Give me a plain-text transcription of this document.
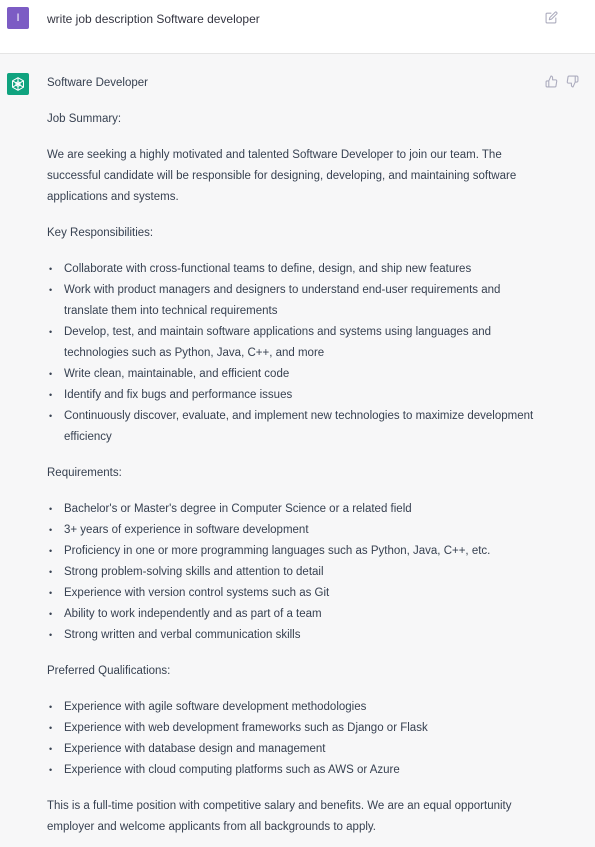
I	write job description Software developer

Software Developer

Job Summary:

We are seeking a highly motivated and talented Software Developer to join our team. The successful candidate will be responsible for designing, developing, and maintaining software applications and systems.

Key Responsibilities:

• Collaborate with cross-functional teams to define, design, and ship new features
• Work with product managers and designers to understand end-user requirements and translate them into technical requirements
• Develop, test, and maintain software applications and systems using languages and technologies such as Python, Java, C++, and more
• Write clean, maintainable, and efficient code
• Identify and fix bugs and performance issues
• Continuously discover, evaluate, and implement new technologies to maximize development efficiency

Requirements:

• Bachelor's or Master's degree in Computer Science or a related field
• 3+ years of experience in software development
• Proficiency in one or more programming languages such as Python, Java, C++, etc.
• Strong problem-solving skills and attention to detail
• Experience with version control systems such as Git
• Ability to work independently and as part of a team
• Strong written and verbal communication skills

Preferred Qualifications:

• Experience with agile software development methodologies
• Experience with web development frameworks such as Django or Flask
• Experience with database design and management
• Experience with cloud computing platforms such as AWS or Azure

This is a full-time position with competitive salary and benefits. We are an equal opportunity employer and welcome applicants from all backgrounds to apply.
